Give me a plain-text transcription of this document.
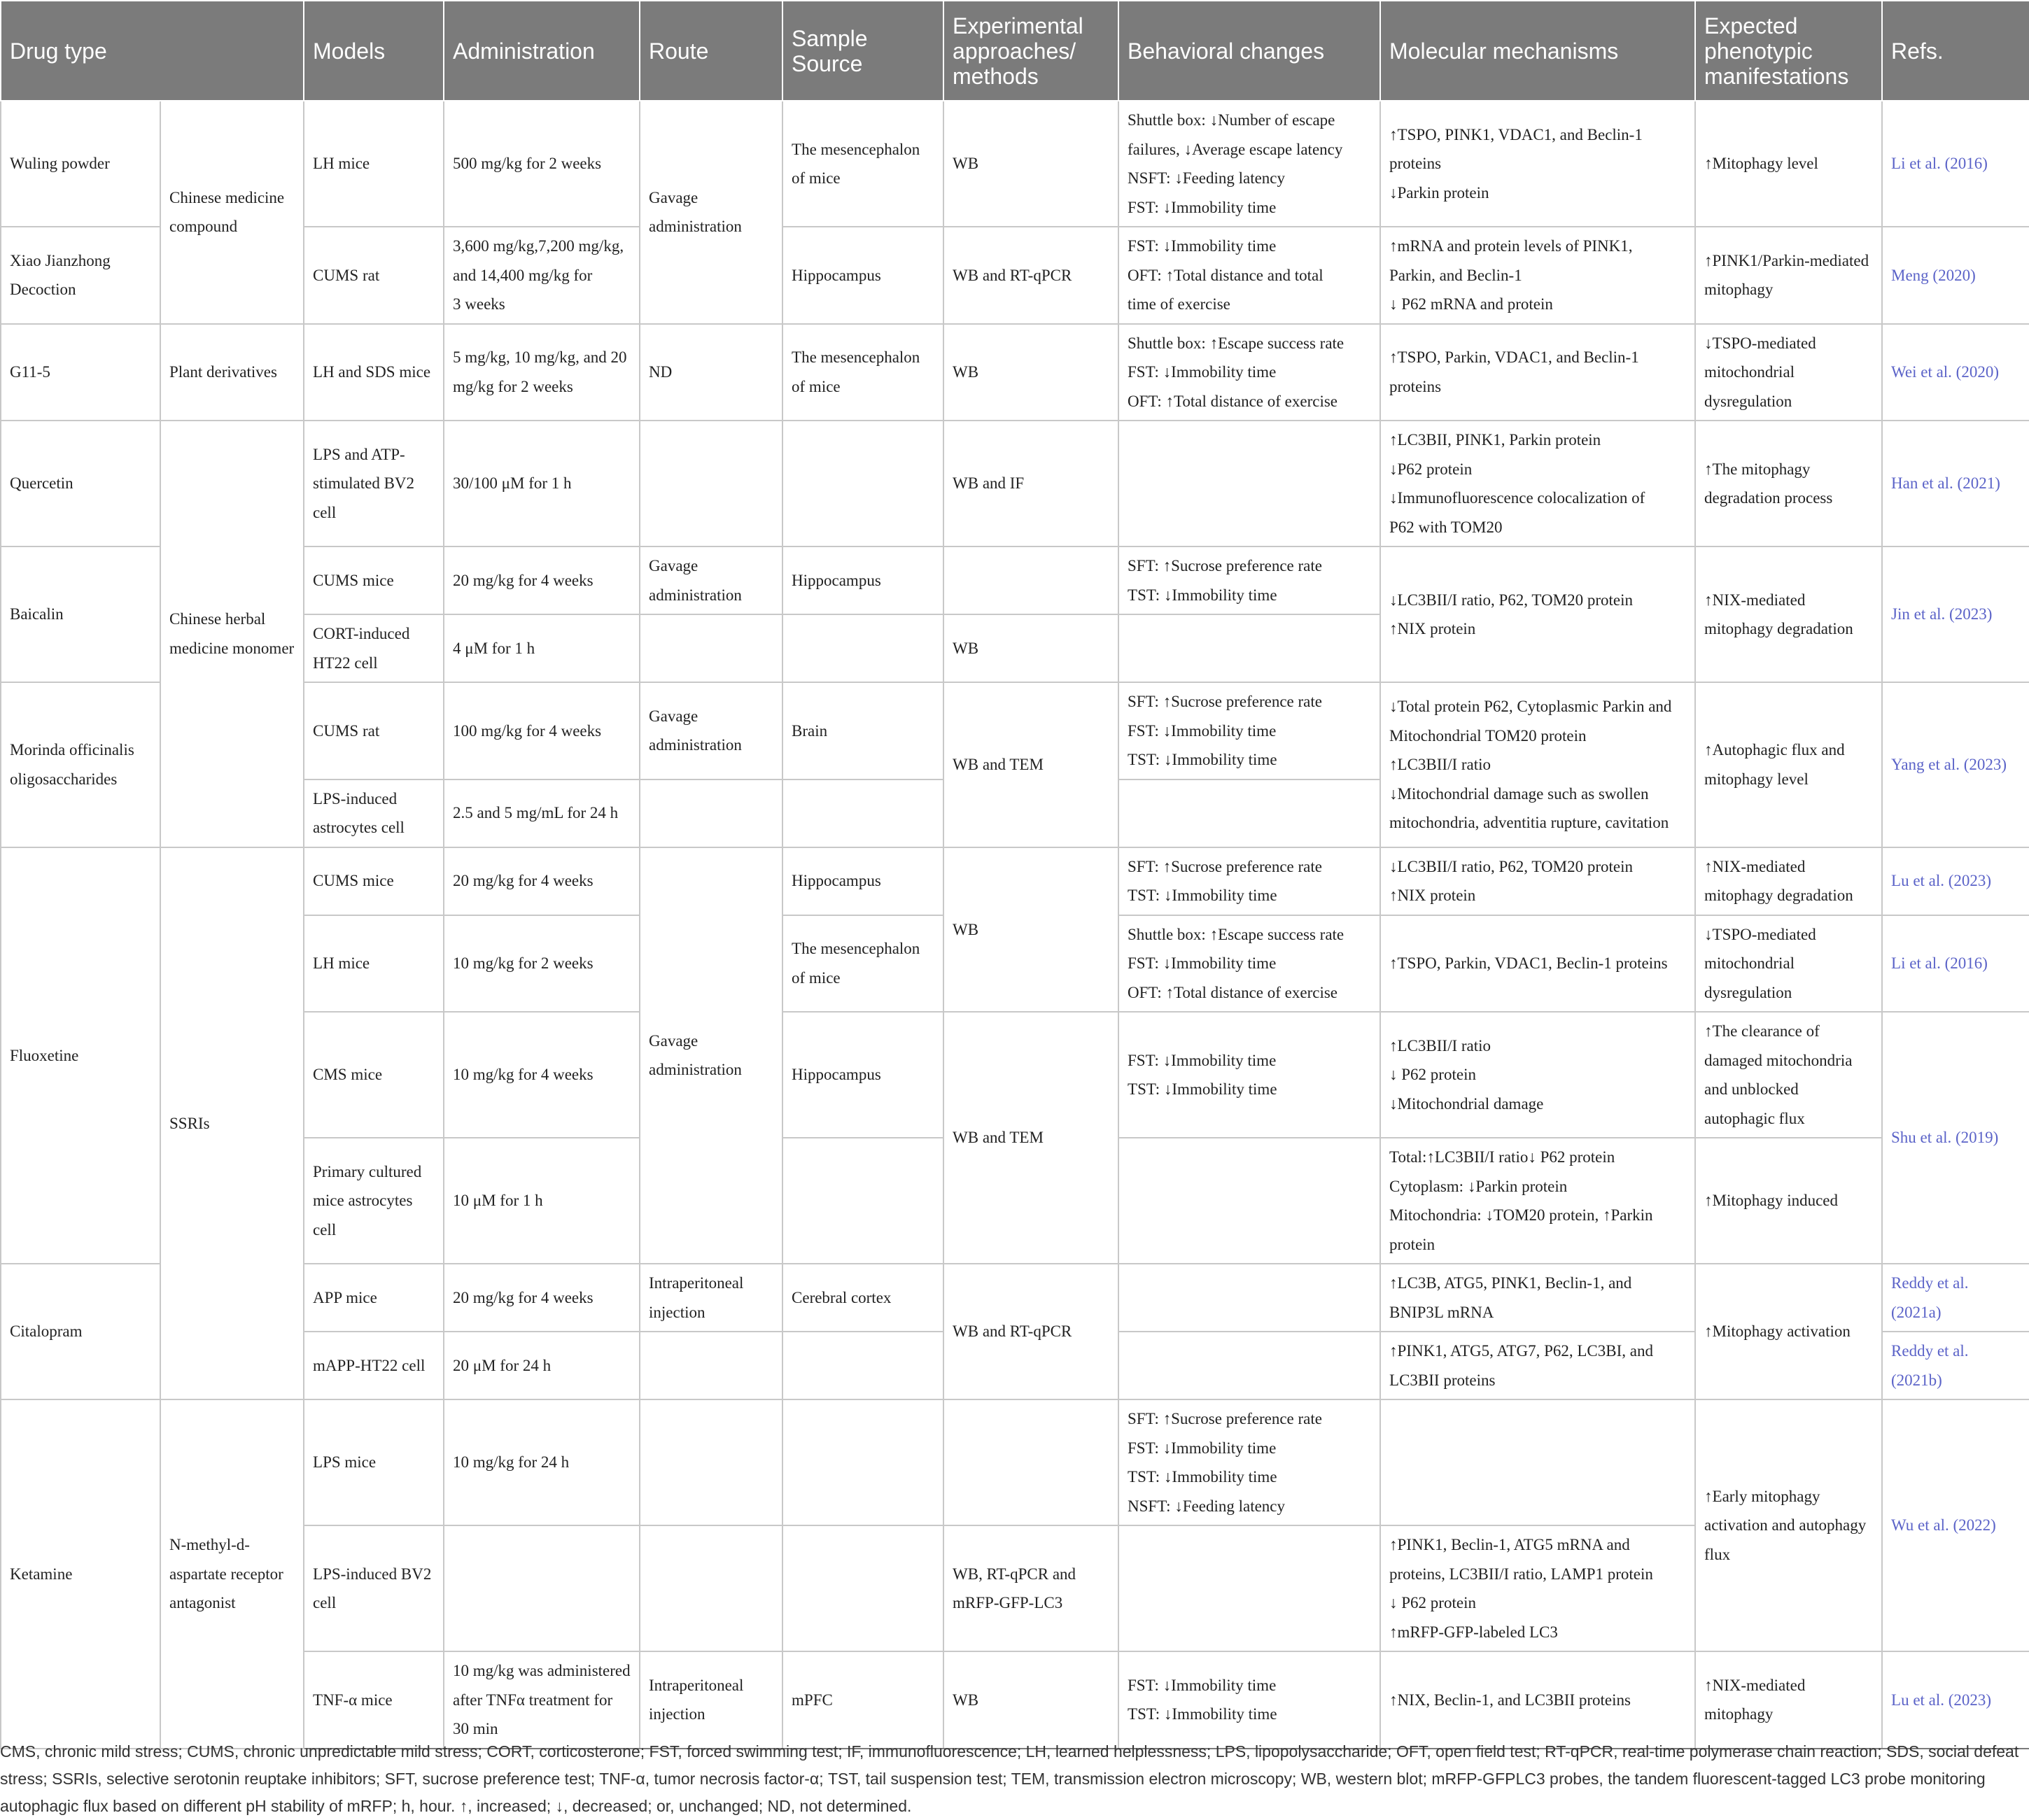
Drug type		Models	Administration	Route	Sample Source	Experimental approaches/ methods	Behavioral changes	Molecular mechanisms	Expected phenotypic manifestations	Refs.
Wuling powder	Chinese medicine compound	LH mice	500 mg/kg for 2 weeks	Gavage administration	The mesencephalon of mice	WB	Shuttle box: ↓Number of escape
failures, ↓Average escape latency
NSFT: ↓Feeding latency
FST: ↓Immobility time	↑TSPO, PINK1, VDAC1, and Beclin-1
proteins
↓Parkin protein	↑Mitophagy level	Li et al. (2016)
Xiao Jianzhong Decoction		CUMS rat	3,600 mg/kg,7,200 mg/kg,
and 14,400 mg/kg for
3 weeks		Hippocampus	WB and RT-qPCR	FST: ↓Immobility time
OFT: ↑Total distance and total
time of exercise	↑mRNA and protein levels of PINK1,
Parkin, and Beclin-1
↓ P62 mRNA and protein	↑PINK1/Parkin-mediated mitophagy	Meng (2020)
G11-5	Plant derivatives	LH and SDS mice	5 mg/kg, 10 mg/kg, and 20 mg/kg for 2 weeks	ND	The mesencephalon of mice	WB	Shuttle box: ↑Escape success rate
FST: ↓Immobility time
OFT: ↑Total distance of exercise	↑TSPO, Parkin, VDAC1, and Beclin-1
proteins	↓TSPO-mediated mitochondrial dysregulation	Wei et al. (2020)
Quercetin	Chinese herbal medicine monomer	LPS and ATP-stimulated BV2 cell	30/100 μM for 1 h			WB and IF		↑LC3BII, PINK1, Parkin protein
↓P62 protein
↓Immunofluorescence colocalization of
P62 with TOM20	↑The mitophagy degradation process	Han et al. (2021)
Baicalin		CUMS mice	20 mg/kg for 4 weeks	Gavage administration	Hippocampus		SFT: ↑Sucrose preference rate
TST: ↓Immobility time	↓LC3BII/I ratio, P62, TOM20 protein
↑NIX protein	↑NIX-mediated mitophagy degradation	Jin et al. (2023)
		CORT-induced HT22 cell	4 μM for 1 h			WB				
Morinda officinalis oligosaccharides		CUMS rat	100 mg/kg for 4 weeks	Gavage administration	Brain	WB and TEM	SFT: ↑Sucrose preference rate
FST: ↓Immobility time
TST: ↓Immobility time	↓Total protein P62, Cytoplasmic Parkin and
Mitochondrial TOM20 protein
↑LC3BII/I ratio
↓Mitochondrial damage such as swollen
mitochondria, adventitia rupture, cavitation	↑Autophagic flux and mitophagy level	Yang et al. (2023)
		LPS-induced astrocytes cell	2.5 and 5 mg/mL for 24 h							
Fluoxetine	SSRIs	CUMS mice	20 mg/kg for 4 weeks	Gavage administration	Hippocampus	WB	SFT: ↑Sucrose preference rate
TST: ↓Immobility time	↓LC3BII/I ratio, P62, TOM20 protein
↑NIX protein	↑NIX-mediated mitophagy degradation	Lu et al. (2023)
		LH mice	10 mg/kg for 2 weeks		The mesencephalon of mice		Shuttle box: ↑Escape success rate
FST: ↓Immobility time
OFT: ↑Total distance of exercise	↑TSPO, Parkin, VDAC1, Beclin-1 proteins	↓TSPO-mediated mitochondrial dysregulation	Li et al. (2016)
		CMS mice	10 mg/kg for 4 weeks		Hippocampus	WB and TEM	FST: ↓Immobility time
TST: ↓Immobility time	↑LC3BII/I ratio
↓ P62 protein
↓Mitochondrial damage	↑The clearance of damaged mitochondria and unblocked autophagic flux	Shu et al. (2019)
		Primary cultured mice astrocytes cell	10 μM for 1 h					Total:↑LC3BII/I ratio↓ P62 protein
Cytoplasm: ↓Parkin protein
Mitochondria: ↓TOM20 protein, ↑Parkin
protein	↑Mitophagy induced	
Citalopram		APP mice	20 mg/kg for 4 weeks	Intraperitoneal injection	Cerebral cortex	WB and RT-qPCR		↑LC3B, ATG5, PINK1, Beclin-1, and
BNIP3L mRNA	↑Mitophagy activation	Reddy et al. (2021a)
		mAPP-HT22 cell	20 μM for 24 h					↑PINK1, ATG5, ATG7, P62, LC3BI, and
LC3BII proteins		Reddy et al. (2021b)
Ketamine	N-methyl-d-aspartate receptor antagonist	LPS mice	10 mg/kg for 24 h				SFT: ↑Sucrose preference rate
FST: ↓Immobility time
TST: ↓Immobility time
NSFT: ↓Feeding latency		↑Early mitophagy activation and autophagy flux	Wu et al. (2022)
		LPS-induced BV2 cell				WB, RT-qPCR and mRFP-GFP-LC3		↑PINK1, Beclin-1, ATG5 mRNA and
proteins, LC3BII/I ratio, LAMP1 protein
↓ P62 protein
↑mRFP-GFP-labeled LC3		

		TNF-α mice	10 mg/kg was administered after TNFα treatment for 30 min	Intraperitoneal injection	mPFC	WB	FST: ↓Immobility time
TST: ↓Immobility time	↑NIX, Beclin-1, and LC3BII proteins	↑NIX-mediated mitophagy	Lu et al. (2023)
CMS, chronic mild stress; CUMS, chronic unpredictable mild stress; CORT, corticosterone; FST, forced swimming test; IF, immunofluorescence; LH, learned helplessness; LPS, lipopolysaccharide; OFT, open field test; RT-qPCR, real-time polymerase chain reaction; SDS, social defeat stress; SSRIs, selective serotonin reuptake inhibitors; SFT, sucrose preference test; TNF-α, tumor necrosis factor-α; TST, tail suspension test; TEM, transmission electron microscopy; WB, western blot; mRFP-GFPLC3 probes, the tandem fluorescent-tagged LC3 probe monitoring autophagic flux based on different pH stability of mRFP; h, hour. ↑, increased; ↓, decreased; or, unchanged; ND, not determined.
